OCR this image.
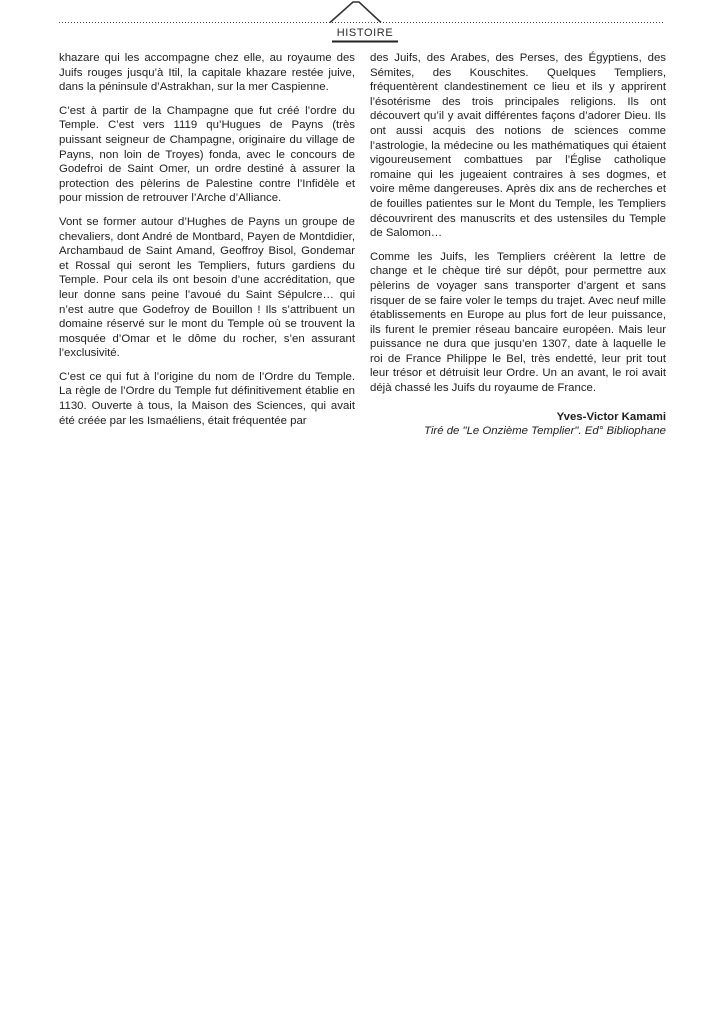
HISTOIRE

khazare qui les accompagne chez elle, au royaume des Juifs rouges jusqu’à Itil, la capitale khazare restée juive, dans la péninsule d’Astrakhan, sur la mer Caspienne.

C’est à partir de la Champagne que fut créé l’ordre du Temple. C’est vers 1119 qu’Hugues de Payns (très puissant seigneur de Champagne, originaire du village de Payns, non loin de Troyes) fonda, avec le concours de Godefroi de Saint Omer, un ordre destiné à assurer la protection des pèlerins de Palestine contre l’Infidèle et pour mission de retrouver l’Arche d’Alliance.

Vont se former autour d’Hughes de Payns un groupe de chevaliers, dont André de Montbard, Payen de Montdidier, Archambaud de Saint Amand, Geoffroy Bisol, Gondemar et Rossal qui seront les Templiers, futurs gardiens du Temple. Pour cela ils ont besoin d’une accréditation, que leur donne sans peine l’avoué du Saint Sépulcre… qui n’est autre que Godefroy de Bouillon ! Ils s’attribuent un domaine réservé sur le mont du Temple où se trouvent la mosquée d’Omar et le dôme du rocher, s’en assurant l’exclusivité.

C’est ce qui fut à l’origine du nom de l’Ordre du Temple. La règle de l’Ordre du Temple fut définitivement établie en 1130. Ouverte à tous, la Maison des Sciences, qui avait été créée par les Ismaéliens, était fréquentée par

des Juifs, des Arabes, des Perses, des Égyptiens, des Sémites, des Kouschites. Quelques Templiers, fréquentèrent clandestinement ce lieu et ils y apprirent l’ésotérisme des trois principales religions. Ils ont découvert qu’il y avait différentes façons d’adorer Dieu. Ils ont aussi acquis des notions de sciences comme l’astrologie, la médecine ou les mathématiques qui étaient vigoureusement combattues par l’Église catholique romaine qui les jugeaient contraires à ses dogmes, et voire même dangereuses. Après dix ans de recherches et de fouilles patientes sur le Mont du Temple, les Templiers découvrirent des manuscrits et des ustensiles du Temple de Salomon…

Comme les Juifs, les Templiers créèrent la lettre de change et le chèque tiré sur dépôt, pour permettre aux pèlerins de voyager sans transporter d’argent et sans risquer de se faire voler le temps du trajet. Avec neuf mille établissements en Europe au plus fort de leur puissance, ils furent le premier réseau bancaire européen. Mais leur puissance ne dura que jusqu’en 1307, date à laquelle le roi de France Philippe le Bel, très endetté, leur prit tout leur trésor et détruisit leur Ordre. Un an avant, le roi avait déjà chassé les Juifs du royaume de France.

Yves-Victor Kamami
Tiré de "Le Onzième Templier". Ed° Bibliophane
